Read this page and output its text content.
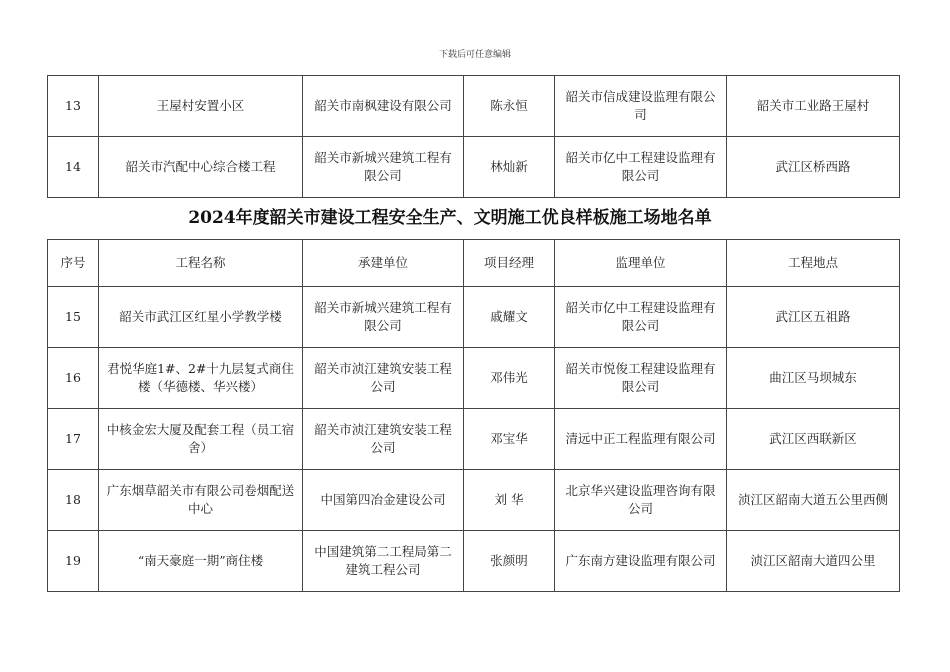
下载后可任意编辑
13	王屋村安置小区	韶关市南枫建设有限公司	陈永恒	韶关市信成建设监理有限公司	韶关市工业路王屋村
14	韶关市汽配中心综合楼工程	韶关市新城兴建筑工程有限公司	林灿新	韶关市亿中工程建设监理有限公司	武江区桥西路
2024年度韶关市建设工程安全生产、文明施工优良样板施工场地名单
序号	工程名称	承建单位	项目经理	监理单位	工程地点
15	韶关市武江区红星小学教学楼	韶关市新城兴建筑工程有限公司	戚耀文	韶关市亿中工程建设监理有限公司	武江区五祖路
16	君悦华庭1#、2#十九层复式商住楼（华德楼、华兴楼）	韶关市浈江建筑安装工程公司	邓伟光	韶关市悦俊工程建设监理有限公司	曲江区马坝城东
17	中核金宏大厦及配套工程（员工宿舍）	韶关市浈江建筑安装工程公司	邓宝华	清远中正工程监理有限公司	武江区西联新区
18	广东烟草韶关市有限公司卷烟配送中心	中国第四冶金建设公司	刘 华	北京华兴建设监理咨询有限公司	浈江区韶南大道五公里西侧
19	“南天豪庭一期”商住楼	中国建筑第二工程局第二建筑工程公司	张颜明	广东南方建设监理有限公司	浈江区韶南大道四公里
